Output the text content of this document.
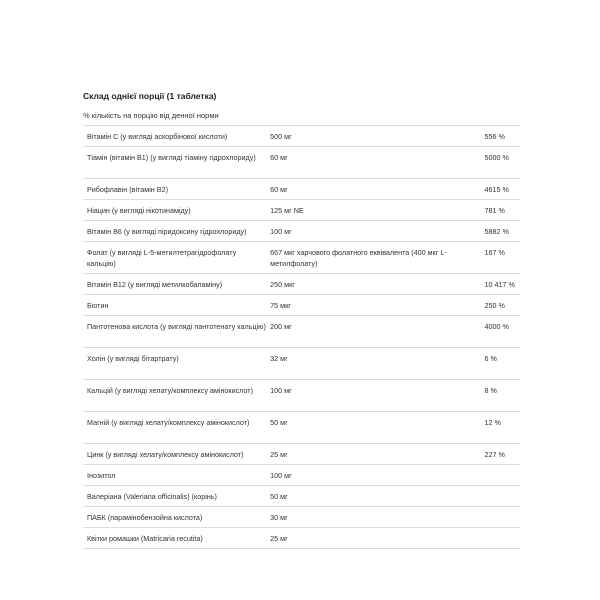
Склад однієї порції (1 таблетка)
% кількість на порцію від денної норми
Вітамін C (у вигляді аскорбінової кислоти)	500 мг	556 %
Тіамін (вітамін B1) (у вигляді тіаміну гідрохлориду)	60 мг	5000 %
Рибофлавін (вітамін B2)	60 мг	4615 %
Ніацин (у вигляді нікотинаміду)	125 мг NE	781 %
Вітамін B6 (у вигляді піридоксину гідрохлориду)	100 мг	5882 %
Фолат (у вигляді L-5-метилтетрагідрофолату кальцію)	667 мкг харчового фолатного еквівалента (400 мкг L-метилфолату)	167 %
Вітамін B12 (у вигляді метилкобаламіну)	250 мкг	10 417 %
Біотин	75 мкг	250 %
Пантотенова кислота (у вигляді пантотенату кальцію)	200 мг	4000 %
Холін (у вигляді бітартрату)	32 мг	6 %
Кальцій (у вигляді хелату/комплексу амінокислот)	100 мг	8 %
Магній (у вигляді хелату/комплексу амінокислот)	50 мг	12 %
Цинк (у вигляді хелату/комплексу амінокислот)	25 мг	227 %
Інозитол	100 мг	
Валеріана (Valeriana officinalis) (корінь)	50 мг	
ПАБК (парамінобензойна кислота)	30 мг	
Квітки ромашки (Matricaria recutita)	25 мг	
